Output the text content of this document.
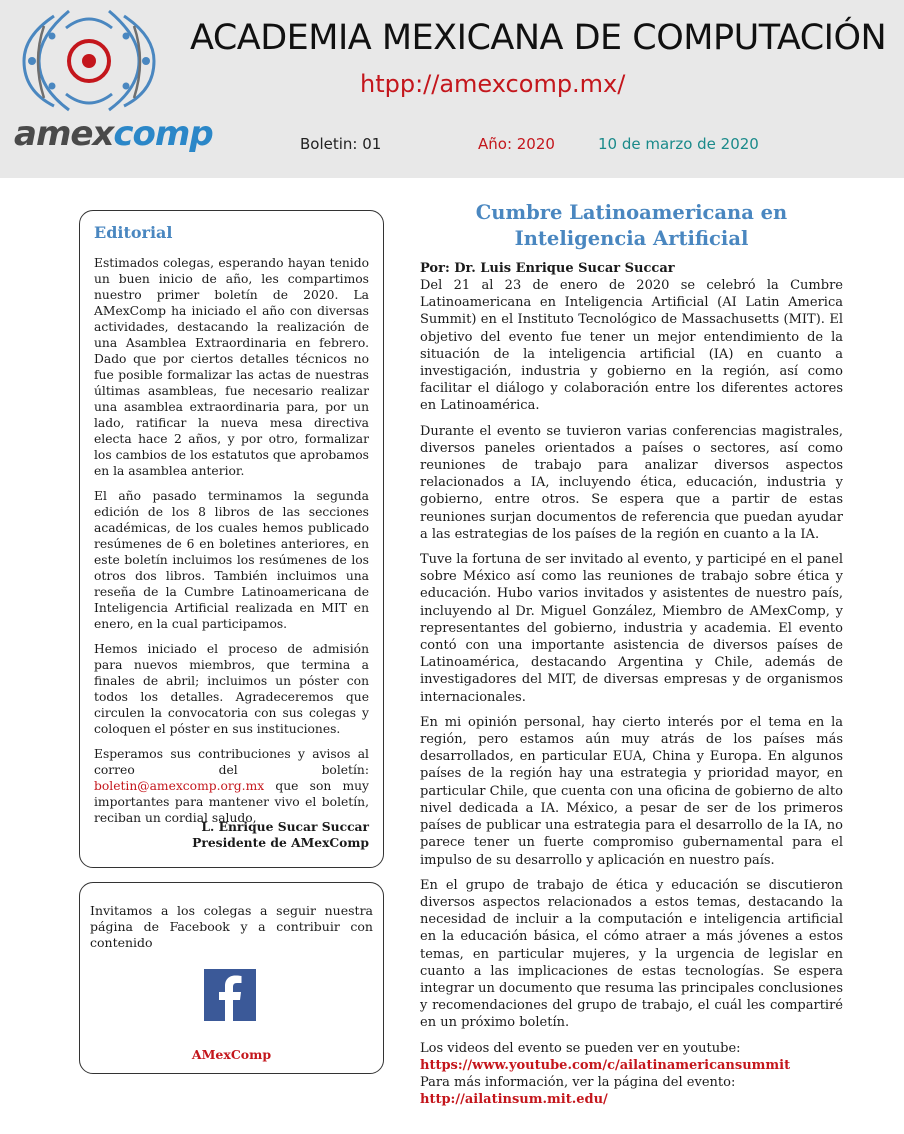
amexcomp
ACADEMIA MEXICANA DE COMPUTACIÓN
htpp://amexcomp.mx/
Boletin: 01	Año: 2020	10 de marzo de 2020
Editorial

Estimados colegas, esperando hayan tenido un buen inicio de año, les compartimos nuestro primer boletín de 2020. La AMexComp ha iniciado el año con diversas actividades, destacando la realización de una Asamblea Extraordinaria en febrero. Dado que por ciertos detalles técnicos no fue posible formalizar las actas de nuestras últimas asambleas, fue necesario realizar una asamblea extraordinaria para, por un lado, ratificar la nueva mesa directiva electa hace 2 años, y por otro, formalizar los cambios de los estatutos que aprobamos en la asamblea anterior.

El año pasado terminamos la segunda edición de los 8 libros de las secciones académicas, de los cuales hemos publicado resúmenes de 6 en boletines anteriores, en este boletín incluimos los resúmenes de los otros dos libros. También incluimos una reseña de la Cumbre Latinoamericana de Inteligencia Artificial realizada en MIT en enero, en la cual participamos.

Hemos iniciado el proceso de admisión para nuevos miembros, que termina a finales de abril; incluimos un póster con todos los detalles. Agradeceremos que circulen la convocatoria con sus colegas y coloquen el póster en sus instituciones.

Esperamos sus contribuciones y avisos al correo del boletín: boletin@amexcomp.org.mx que son muy importantes para mantener vivo el boletín, reciban un cordial saludo,

L. Enrique Sucar Succar
Presidente de AMexComp
Invitamos a los colegas a seguir nuestra página de Facebook y a contribuir con contenido
AMexComp
Cumbre Latinoamericana en Inteligencia Artificial

Por: Dr. Luis Enrique Sucar Succar

Del 21 al 23 de enero de 2020 se celebró la Cumbre Latinoamericana en Inteligencia Artificial (AI Latin America Summit) en el Instituto Tecnológico de Massachusetts (MIT). El objetivo del evento fue tener un mejor entendimiento de la situación de la inteligencia artificial (IA) en cuanto a investigación, industria y gobierno en la región, así como facilitar el diálogo y colaboración entre los diferentes actores en Latinoamérica.

Durante el evento se tuvieron varias conferencias magistrales, diversos paneles orientados a países o sectores, así como reuniones de trabajo para analizar diversos aspectos relacionados a IA, incluyendo ética, educación, industria y gobierno, entre otros. Se espera que a partir de estas reuniones surjan documentos de referencia que puedan ayudar a las estrategias de los países de la región en cuanto a la IA.

Tuve la fortuna de ser invitado al evento, y participé en el panel sobre México así como las reuniones de trabajo sobre ética y educación. Hubo varios invitados y asistentes de nuestro país, incluyendo al Dr. Miguel González, Miembro de AMexComp, y representantes del gobierno, industria y academia. El evento contó con una importante asistencia de diversos países de Latinoamérica, destacando Argentina y Chile, además de investigadores del MIT, de diversas empresas y de organismos internacionales.

En mi opinión personal, hay cierto interés por el tema en la región, pero estamos aún muy atrás de los países más desarrollados, en particular EUA, China y Europa. En algunos países de la región hay una estrategia y prioridad mayor, en particular Chile, que cuenta con una oficina de gobierno de alto nivel dedicada a IA. México, a pesar de ser de los primeros países de publicar una estrategia para el desarrollo de la IA, no parece tener un fuerte compromiso gubernamental para el impulso de su desarrollo y aplicación en nuestro país.

En el grupo de trabajo de ética y educación se discutieron diversos aspectos relacionados a estos temas, destacando la necesidad de incluir a la computación e inteligencia artificial en la educación básica, el cómo atraer a más jóvenes a estos temas, en particular mujeres, y la urgencia de legislar en cuanto a las implicaciones de estas tecnologías. Se espera integrar un documento que resuma las principales conclusiones y recomendaciones del grupo de trabajo, el cuál les compartiré en un próximo boletín.

Los videos del evento se pueden ver en youtube:
https://www.youtube.com/c/ailatinamericansummit
Para más información, ver la página del evento:
http://ailatinsum.mit.edu/
